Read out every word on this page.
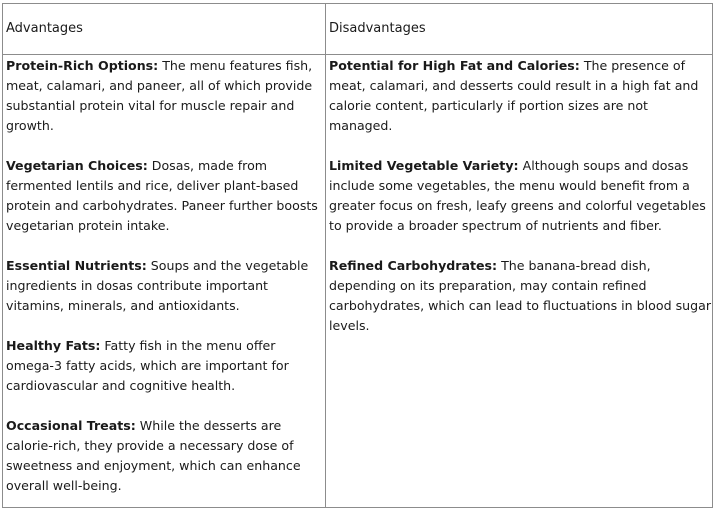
Advantages	Disadvantages

Protein-Rich Options: The menu features fish, meat, calamari, and paneer, all of which provide substantial protein vital for muscle repair and growth.

Vegetarian Choices: Dosas, made from fermented lentils and rice, deliver plant-based protein and carbohydrates. Paneer further boosts vegetarian protein intake.

Essential Nutrients: Soups and the vegetable ingredients in dosas contribute important vitamins, minerals, and antioxidants.

Healthy Fats: Fatty fish in the menu offer omega-3 fatty acids, which are important for cardiovascular and cognitive health.

Occasional Treats: While the desserts are calorie-rich, they provide a necessary dose of sweetness and enjoyment, which can enhance overall well-being.

Potential for High Fat and Calories: The presence of meat, calamari, and desserts could result in a high fat and calorie content, particularly if portion sizes are not managed.

Limited Vegetable Variety: Although soups and dosas include some vegetables, the menu would benefit from a greater focus on fresh, leafy greens and colorful vegetables to provide a broader spectrum of nutrients and fiber.

Refined Carbohydrates: The banana-bread dish, depending on its preparation, may contain refined carbohydrates, which can lead to fluctuations in blood sugar levels.
